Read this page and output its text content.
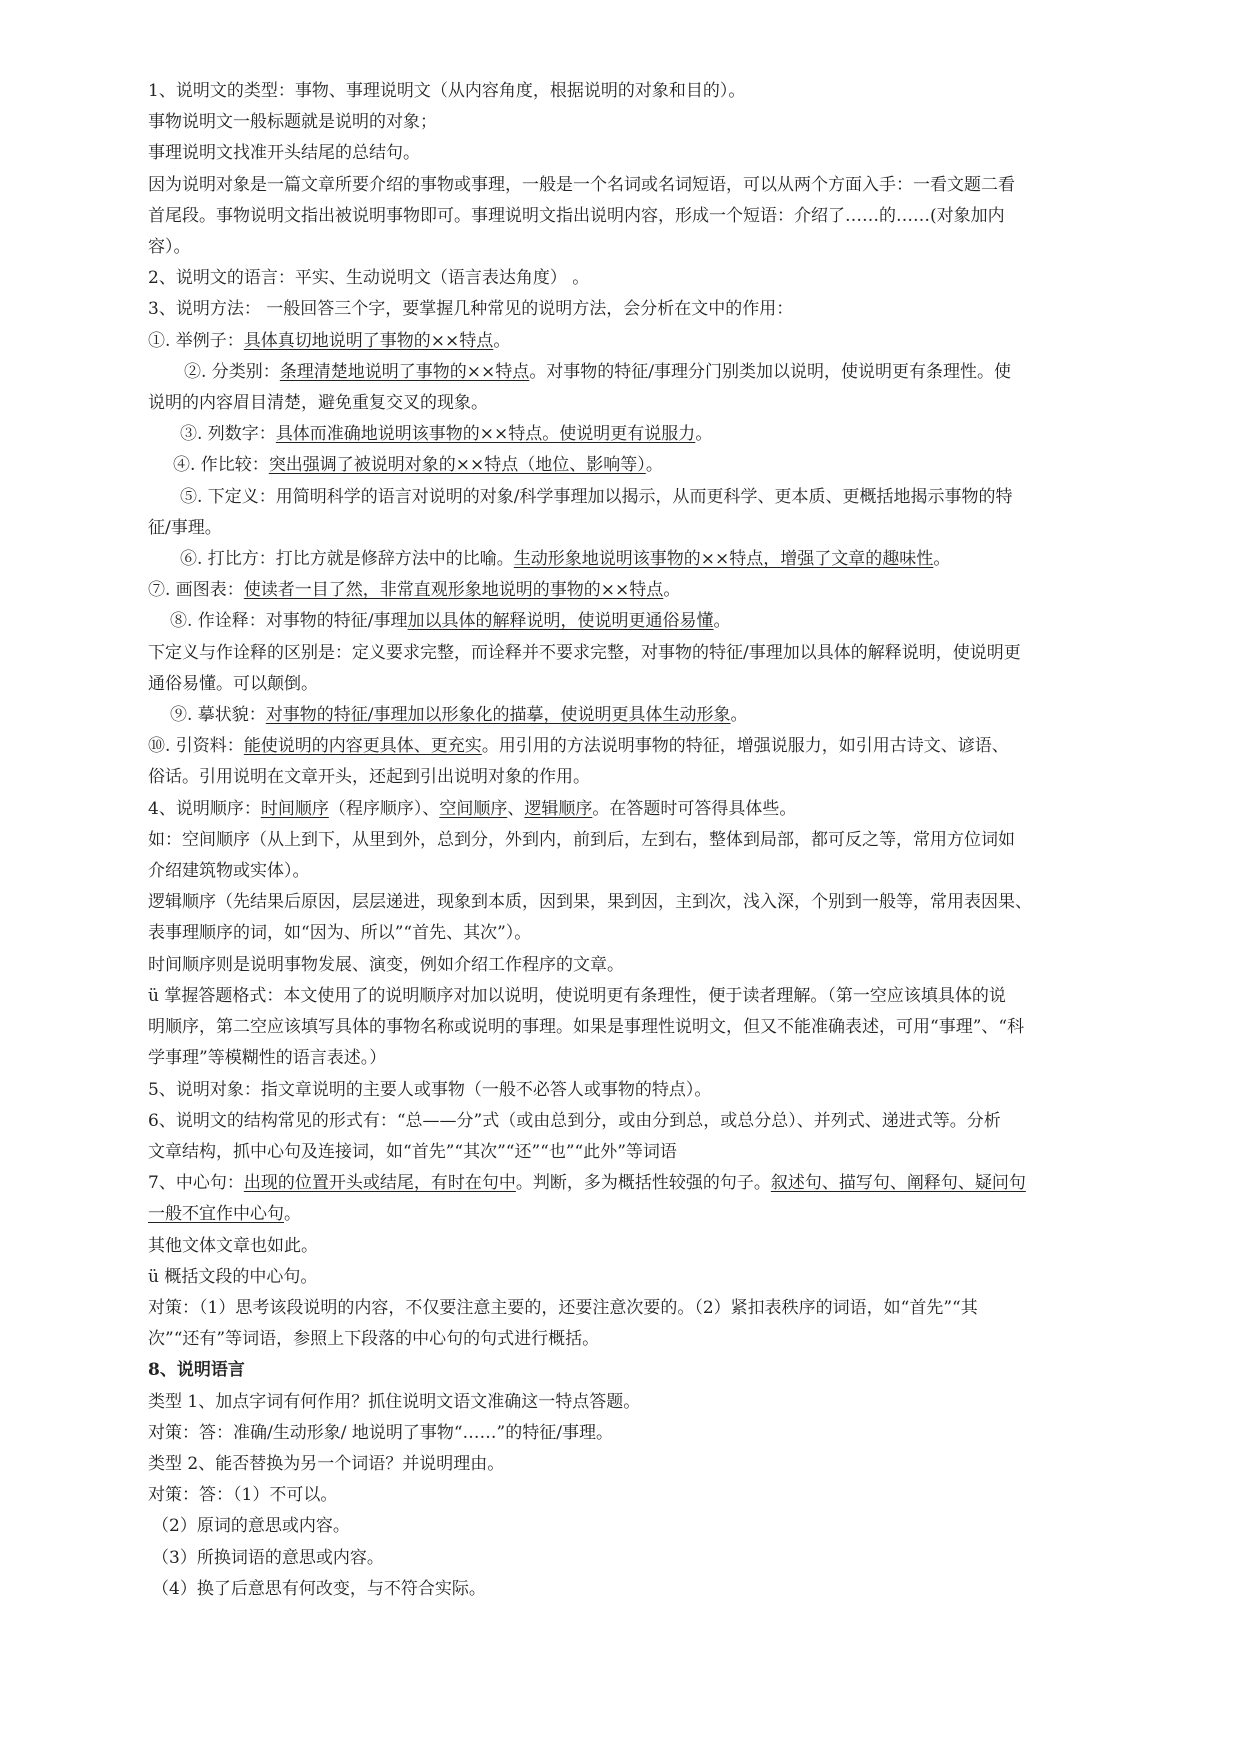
1、说明文的类型：事物、事理说明文（从内容角度，根据说明的对象和目的）。
事物说明文一般标题就是说明的对象；
事理说明文找准开头结尾的总结句。
因为说明对象是一篇文章所要介绍的事物或事理，一般是一个名词或名词短语，可以从两个方面入手：一看文题二看
首尾段。事物说明文指出被说明事物即可。事理说明文指出说明内容，形成一个短语：介绍了……的……(对象加内
容）。
2、说明文的语言：平实、生动说明文（语言表达角度） 。
3、说明方法： 一般回答三个字，要掌握几种常见的说明方法，会分析在文中的作用：
①. 举例子：具体真切地说明了事物的××特点。
②. 分类别：条理清楚地说明了事物的××特点。对事物的特征/事理分门别类加以说明，使说明更有条理性。使
说明的内容眉目清楚，避免重复交叉的现象。
③. 列数字：具体而准确地说明该事物的××特点。使说明更有说服力。
④. 作比较：突出强调了被说明对象的××特点（地位、影响等）。
⑤. 下定义：用简明科学的语言对说明的对象/科学事理加以揭示，从而更科学、更本质、更概括地揭示事物的特
征/事理。
⑥. 打比方：打比方就是修辞方法中的比喻。生动形象地说明该事物的××特点，增强了文章的趣味性。
⑦. 画图表：使读者一目了然，非常直观形象地说明的事物的××特点。
⑧. 作诠释：对事物的特征/事理加以具体的解释说明，使说明更通俗易懂。
下定义与作诠释的区别是：定义要求完整，而诠释并不要求完整，对事物的特征/事理加以具体的解释说明，使说明更
通俗易懂。可以颠倒。
⑨. 摹状貌：对事物的特征/事理加以形象化的描摹，使说明更具体生动形象。
⑩. 引资料：能使说明的内容更具体、更充实。用引用的方法说明事物的特征，增强说服力，如引用古诗文、谚语、
俗话。引用说明在文章开头，还起到引出说明对象的作用。
4、说明顺序：时间顺序（程序顺序）、空间顺序、逻辑顺序。在答题时可答得具体些。
如：空间顺序（从上到下，从里到外，总到分，外到内，前到后，左到右，整体到局部，都可反之等，常用方位词如
介绍建筑物或实体）。
逻辑顺序（先结果后原因，层层递进，现象到本质，因到果，果到因，主到次，浅入深，个别到一般等，常用表因果、
表事理顺序的词，如“因为、所以”“首先、其次”）。
时间顺序则是说明事物发展、演变，例如介绍工作程序的文章。
ü 掌握答题格式：本文使用了的说明顺序对加以说明，使说明更有条理性，便于读者理解。（第一空应该填具体的说
明顺序，第二空应该填写具体的事物名称或说明的事理。如果是事理性说明文，但又不能准确表述，可用“事理”、“科
学事理”等模糊性的语言表述。）
5、说明对象：指文章说明的主要人或事物（一般不必答人或事物的特点）。
6、说明文的结构常见的形式有：“总——分”式（或由总到分，或由分到总，或总分总）、并列式、递进式等。分析
文章结构，抓中心句及连接词，如“首先”“其次”“还”“也”“此外”等词语
7、中心句：出现的位置开头或结尾，有时在句中。判断，多为概括性较强的句子。叙述句、描写句、阐释句、疑问句
一般不宜作中心句。
其他文体文章也如此。
ü 概括文段的中心句。
对策：（1）思考该段说明的内容，不仅要注意主要的，还要注意次要的。（2）紧扣表秩序的词语，如“首先”“其
次”“还有”等词语，参照上下段落的中心句的句式进行概括。
8、说明语言
类型 1、加点字词有何作用？抓住说明文语文准确这一特点答题。
对策：答：准确/生动形象/ 地说明了事物“……”的特征/事理。
类型 2、能否替换为另一个词语？并说明理由。
对策：答：（1）不可以。
（2）原词的意思或内容。
（3）所换词语的意思或内容。
（4）换了后意思有何改变，与不符合实际。
